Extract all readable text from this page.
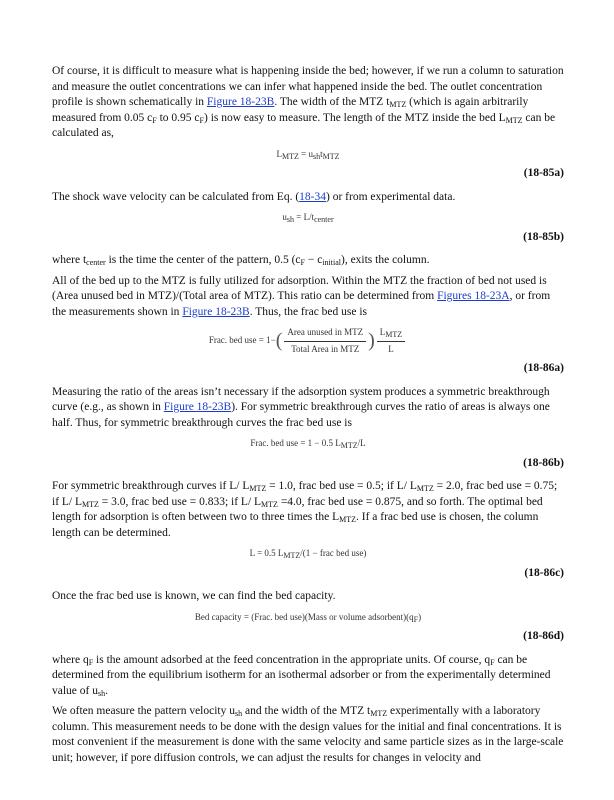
Of course, it is difficult to measure what is happening inside the bed; however, if we run a column to saturation and measure the outlet concentrations we can infer what happened inside the bed. The outlet concentration profile is shown schematically in Figure 18-23B. The width of the MTZ $t_{MTZ}$ (which is again arbitrarily measured from 0.05 $c_F$ to 0.95 $c_F$) is now easy to measure. The length of the MTZ inside the bed $L_{MTZ}$ can be calculated as,

$L_{MTZ} = u_{sh}t_{MTZ}$
(18-85a)

The shock wave velocity can be calculated from Eq. (18-34) or from experimental data.

$u_{sh} = L/t_{center}$
(18-85b)

where $t_{center}$ is the time the center of the pattern, 0.5 $(c_F - c_{initial})$, exits the column.

All of the bed up to the MTZ is fully utilized for adsorption. Within the MTZ the fraction of bed not used is (Area unused bed in MTZ)/(Total area of MTZ). This ratio can be determined from Figures 18-23A, or from the measurements shown in Figure 18-23B. Thus, the frac bed use is

Frac. bed use = $1-( \frac{\text{Area unused in MTZ}}{\text{Total Area in MTZ}}$ ) $\frac{L_{MTZ}}{L}$
(18-86a)

Measuring the ratio of the areas isn’t necessary if the adsorption system produces a symmetric breakthrough curve (e.g., as shown in Figure 18-23B). For symmetric breakthrough curves the ratio of areas is always one half. Thus, for symmetric breakthrough curves the frac bed use is

Frac. bed use = 1 − 0.5 $L_{MTZ}/L$
(18-86b)

For symmetric breakthrough curves if L/ $L_{MTZ} = 1.0$, frac bed use = 0.5; if L/ $L_{MTZ} = 2.0$, frac bed use = 0.75; if L/ $L_{MTZ} = 3.0$, frac bed use = 0.833; if L/ $L_{MTZ} =4.0$, frac bed use = 0.875, and so forth. The optimal bed length for adsorption is often between two to three times the $L_{MTZ}$. If a frac bed use is chosen, the column length can be determined.

L = 0.5 $L_{MTZ}/(1$ − frac bed use)
(18-86c)

Once the frac bed use is known, we can find the bed capacity.

Bed capacity = (Frac. bed use)(Mass or volume $adsorbent)(q_F)$
(18-86d)

where $q_F$ is the amount adsorbed at the feed concentration in the appropriate units. Of course, $q_F$ can be determined from the equilibrium isotherm for an isothermal adsorber or from the experimentally determined value of $u_{sh}$.

We often measure the pattern velocity $u_{sh}$ and the width of the MTZ $t_{MTZ}$ experimentally with a laboratory column. This measurement needs to be done with the design values for the initial and final concentrations. It is most convenient if the measurement is done with the same velocity and same particle sizes as in the large-scale unit; however, if pore diffusion controls, we can adjust the results for changes in velocity and
